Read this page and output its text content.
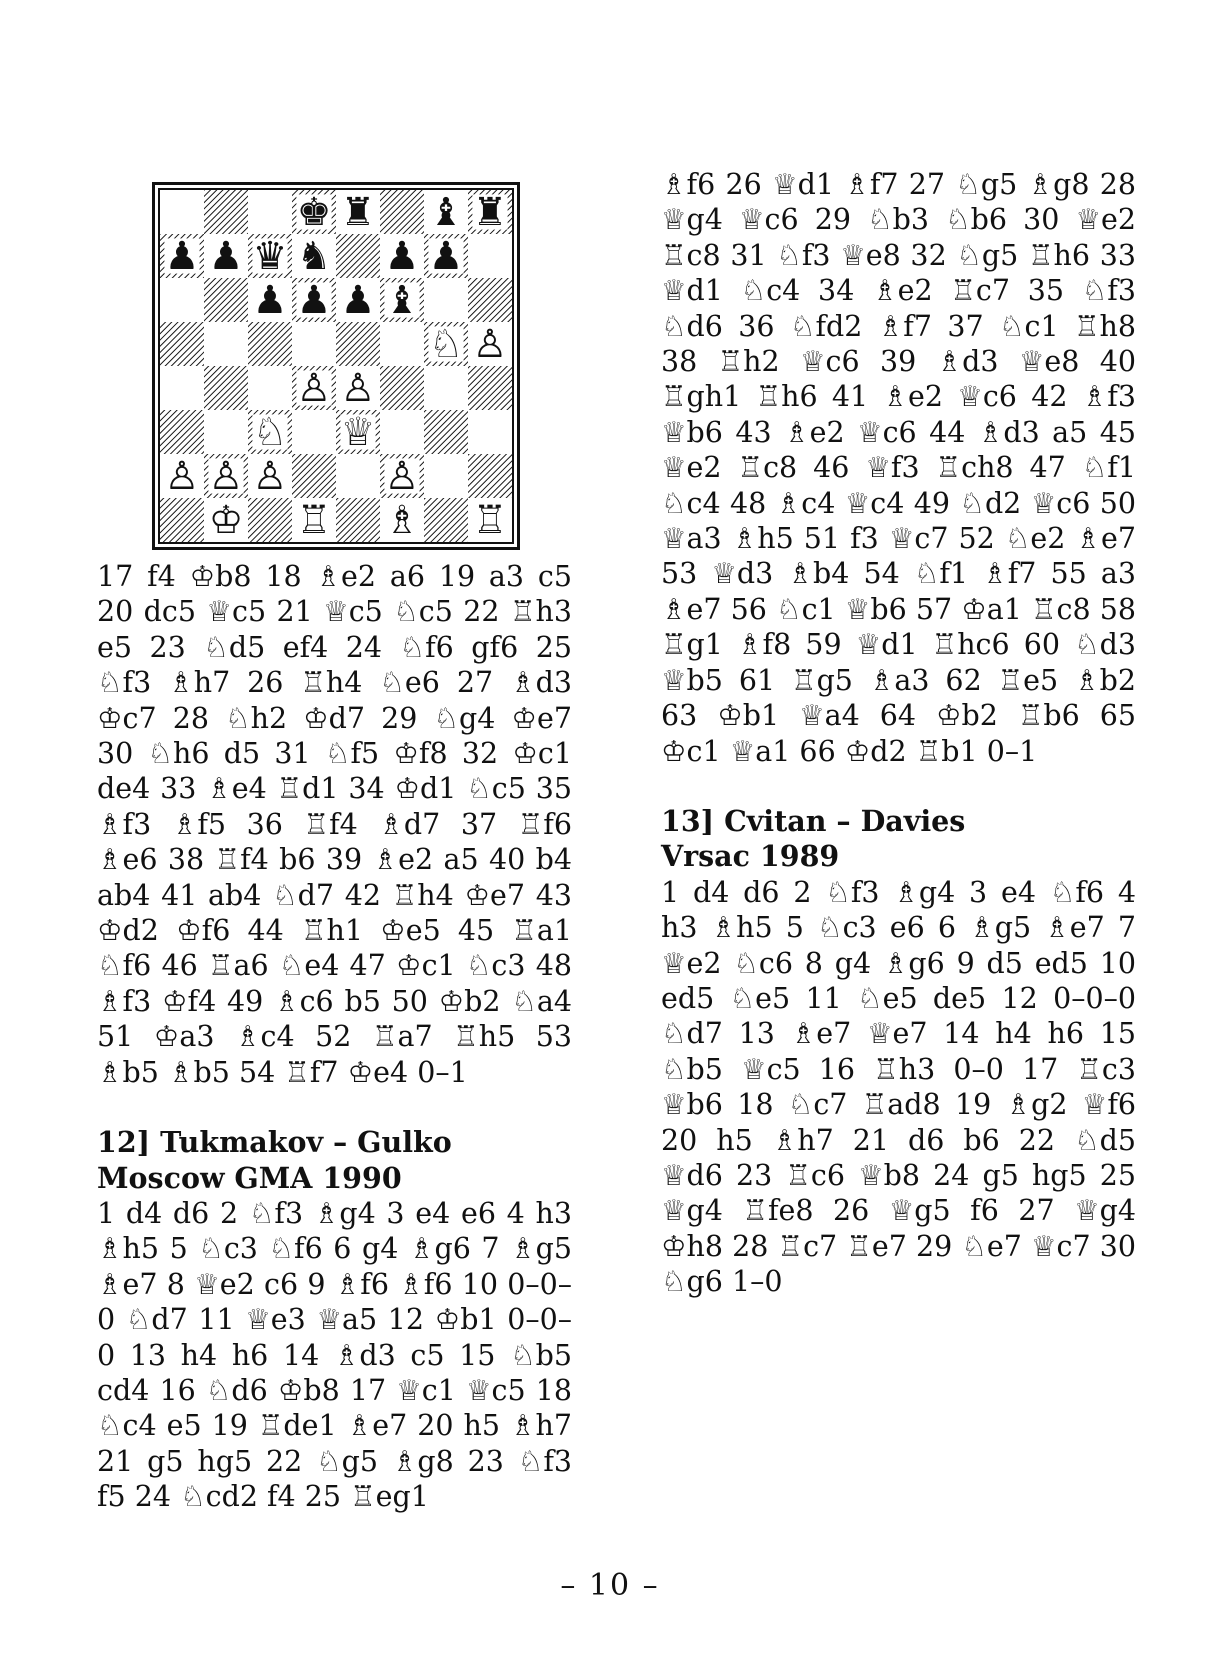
♚ ♜ ♝ ♜
♟ ♟ ♛ ♞ ♟ ♟
♟ ♟ ♟ ♝
♘ ♙
♙ ♙
♘ ♕
♙ ♙ ♙ ♙
♔ ♖ ♗ ♖

17 f4 ♔b8 18 ♗e2 a6 19 a3 c5 20 dc5 ♕c5 21 ♕c5 ♘c5 22 ♖h3 e5 23 ♘d5 ef4 24 ♘f6 gf6 25 ♘f3 ♗h7 26 ♖h4 ♘e6 27 ♗d3 ♔c7 28 ♘h2 ♔d7 29 ♘g4 ♔e7 30 ♘h6 d5 31 ♘f5 ♔f8 32 ♔c1 de4 33 ♗e4 ♖d1 34 ♔d1 ♘c5 35 ♗f3 ♗f5 36 ♖f4 ♗d7 37 ♖f6 ♗e6 38 ♖f4 b6 39 ♗e2 a5 40 b4 ab4 41 ab4 ♘d7 42 ♖h4 ♔e7 43 ♔d2 ♔f6 44 ♖h1 ♔e5 45 ♖a1 ♘f6 46 ♖a6 ♘e4 47 ♔c1 ♘c3 48 ♗f3 ♔f4 49 ♗c6 b5 50 ♔b2 ♘a4 51 ♔a3 ♗c4 52 ♖a7 ♖h5 53 ♗b5 ♗b5 54 ♖f7 ♔e4 0–1

12] Tukmakov – Gulko
Moscow GMA 1990

1 d4 d6 2 ♘f3 ♗g4 3 e4 e6 4 h3 ♗h5 5 ♘c3 ♘f6 6 g4 ♗g6 7 ♗g5 ♗e7 8 ♕e2 c6 9 ♗f6 ♗f6 10 0–0–0 ♘d7 11 ♕e3 ♕a5 12 ♔b1 0–0–0 13 h4 h6 14 ♗d3 c5 15 ♘b5 cd4 16 ♘d6 ♔b8 17 ♕c1 ♕c5 18 ♘c4 e5 19 ♖de1 ♗e7 20 h5 ♗h7 21 g5 hg5 22 ♘g5 ♗g8 23 ♘f3 f5 24 ♘cd2 f4 25 ♖eg1

♗f6 26 ♕d1 ♗f7 27 ♘g5 ♗g8 28 ♕g4 ♕c6 29 ♘b3 ♘b6 30 ♕e2 ♖c8 31 ♘f3 ♕e8 32 ♘g5 ♖h6 33 ♕d1 ♘c4 34 ♗e2 ♖c7 35 ♘f3 ♘d6 36 ♘fd2 ♗f7 37 ♘c1 ♖h8 38 ♖h2 ♕c6 39 ♗d3 ♕e8 40 ♖gh1 ♖h6 41 ♗e2 ♕c6 42 ♗f3 ♕b6 43 ♗e2 ♕c6 44 ♗d3 a5 45 ♕e2 ♖c8 46 ♕f3 ♖ch8 47 ♘f1 ♘c4 48 ♗c4 ♕c4 49 ♘d2 ♕c6 50 ♕a3 ♗h5 51 f3 ♕c7 52 ♘e2 ♗e7 53 ♕d3 ♗b4 54 ♘f1 ♗f7 55 a3 ♗e7 56 ♘c1 ♕b6 57 ♔a1 ♖c8 58 ♖g1 ♗f8 59 ♕d1 ♖hc6 60 ♘d3 ♕b5 61 ♖g5 ♗a3 62 ♖e5 ♗b2 63 ♔b1 ♕a4 64 ♔b2 ♖b6 65 ♔c1 ♕a1 66 ♔d2 ♖b1 0–1

13] Cvitan – Davies
Vrsac 1989

1 d4 d6 2 ♘f3 ♗g4 3 e4 ♘f6 4 h3 ♗h5 5 ♘c3 e6 6 ♗g5 ♗e7 7 ♕e2 ♘c6 8 g4 ♗g6 9 d5 ed5 10 ed5 ♘e5 11 ♘e5 de5 12 0–0–0 ♘d7 13 ♗e7 ♕e7 14 h4 h6 15 ♘b5 ♕c5 16 ♖h3 0–0 17 ♖c3 ♕b6 18 ♘c7 ♖ad8 19 ♗g2 ♕f6 20 h5 ♗h7 21 d6 b6 22 ♘d5 ♕d6 23 ♖c6 ♕b8 24 g5 hg5 25 ♕g4 ♖fe8 26 ♕g5 f6 27 ♕g4 ♔h8 28 ♖c7 ♖e7 29 ♘e7 ♕c7 30 ♘g6 1–0

– 10 –
